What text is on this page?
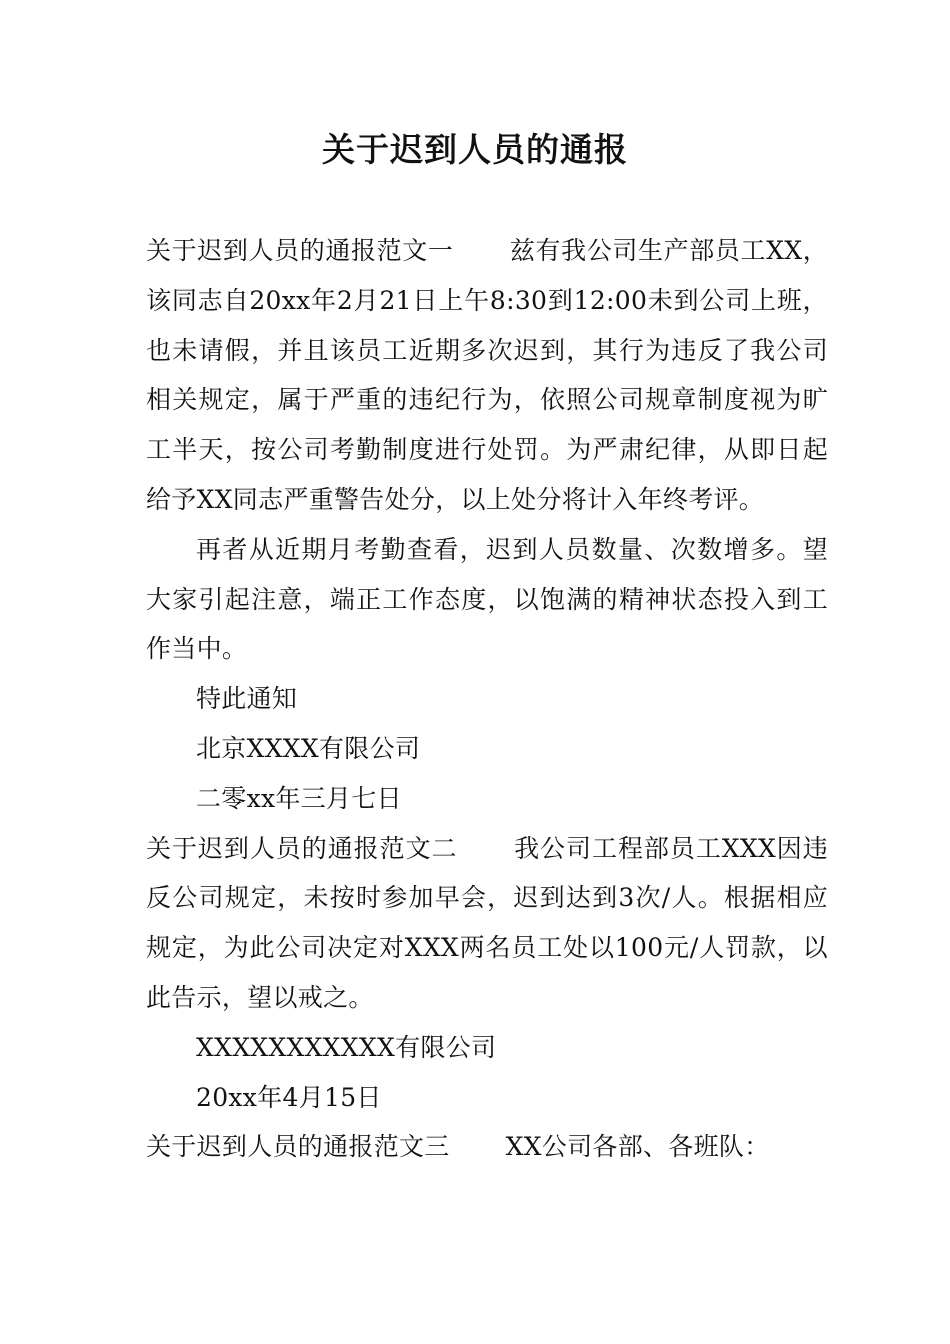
关于迟到人员的通报

关于迟到人员的通报范文一 兹有我公司生产部员工XX，该同志自20xx年2月21日上午8:30到12:00未到公司上班，也未请假，并且该员工近期多次迟到，其行为违反了我公司相关规定，属于严重的违纪行为，依照公司规章制度视为旷工半天，按公司考勤制度进行处罚。为严肃纪律，从即日起给予XX同志严重警告处分，以上处分将计入年终考评。

再者从近期月考勤查看，迟到人员数量、次数增多。望大家引起注意，端正工作态度，以饱满的精神状态投入到工作当中。

特此通知

北京XXXX有限公司

二零xx年三月七日

关于迟到人员的通报范文二 我公司工程部员工XXX因违反公司规定，未按时参加早会，迟到达到3次/人。根据相应规定，为此公司决定对XXX两名员工处以100元/人罚款，以此告示，望以戒之。

XXXXXXXXXXX有限公司

20xx年4月15日

关于迟到人员的通报范文三 XX公司各部、各班队：
